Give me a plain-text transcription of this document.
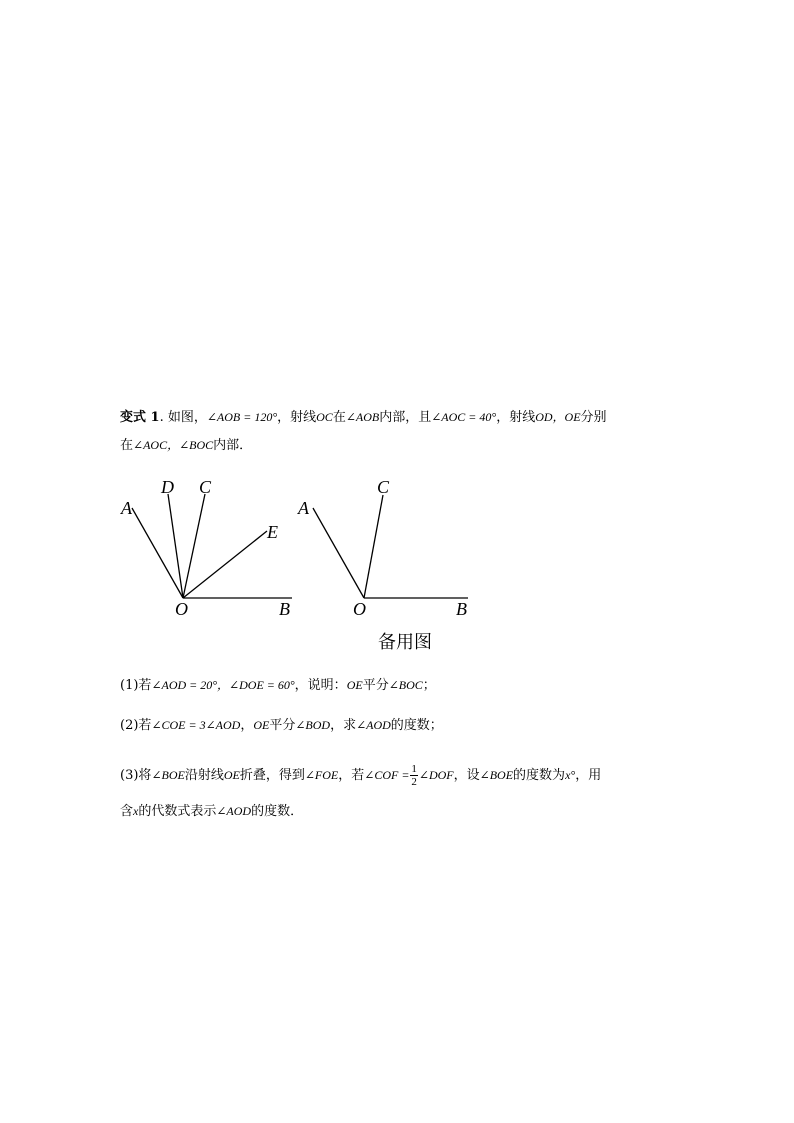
变式 1. 如图，∠AOB = 120°，射线OC在∠AOB内部，且∠AOC = 40°，射线OD，OE分别
在∠AOC，∠BOC内部．
A
D C
E
O	B
A
C
O	B
备用图
(1)若∠AOD = 20°，∠DOE = 60°，说明：OE平分∠BOC；
(2)若∠COE = 3∠AOD，OE平分∠BOD，求∠AOD的度数；
(3)将∠BOE沿射线OE折叠，得到∠FOE，若∠COF = $\frac{1}{2}$ ∠DOF，设∠BOE的度数为x°，用
含x的代数式表示∠AOD的度数．
